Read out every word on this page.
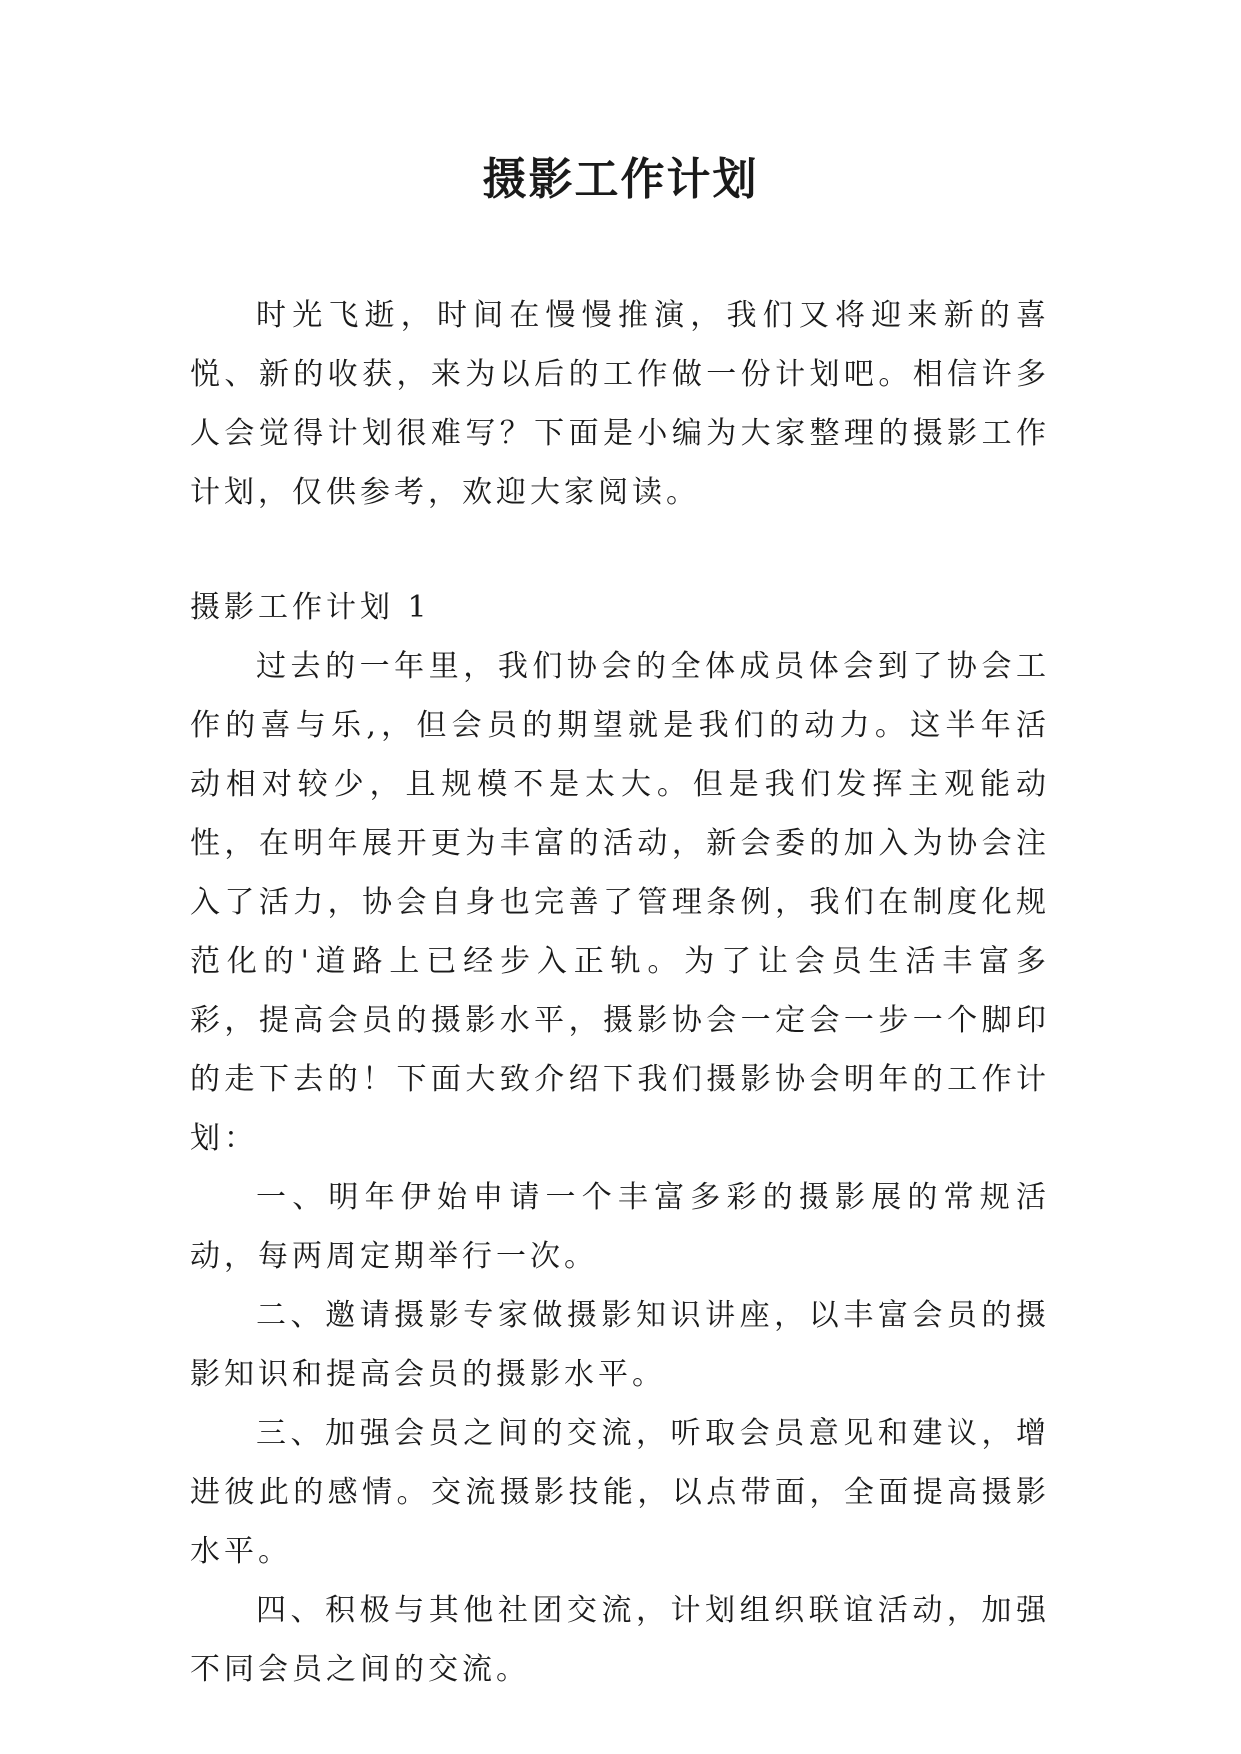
摄影工作计划

时光飞逝，时间在慢慢推演，我们又将迎来新的喜悦、新的收获，来为以后的工作做一份计划吧。相信许多人会觉得计划很难写？下面是小编为大家整理的摄影工作计划，仅供参考，欢迎大家阅读。

摄影工作计划 1

过去的一年里，我们协会的全体成员体会到了协会工作的喜与乐,，但会员的期望就是我们的动力。这半年活动相对较少，且规模不是太大。但是我们发挥主观能动性，在明年展开更为丰富的活动，新会委的加入为协会注入了活力，协会自身也完善了管理条例，我们在制度化规范化的'道路上已经步入正轨。为了让会员生活丰富多彩，提高会员的摄影水平，摄影协会一定会一步一个脚印的走下去的！下面大致介绍下我们摄影协会明年的工作计划：

一、明年伊始申请一个丰富多彩的摄影展的常规活动，每两周定期举行一次。

二、邀请摄影专家做摄影知识讲座，以丰富会员的摄影知识和提高会员的摄影水平。

三、加强会员之间的交流，听取会员意见和建议，增进彼此的感情。交流摄影技能，以点带面，全面提高摄影水平。

四、积极与其他社团交流，计划组织联谊活动，加强不同会员之间的交流。
